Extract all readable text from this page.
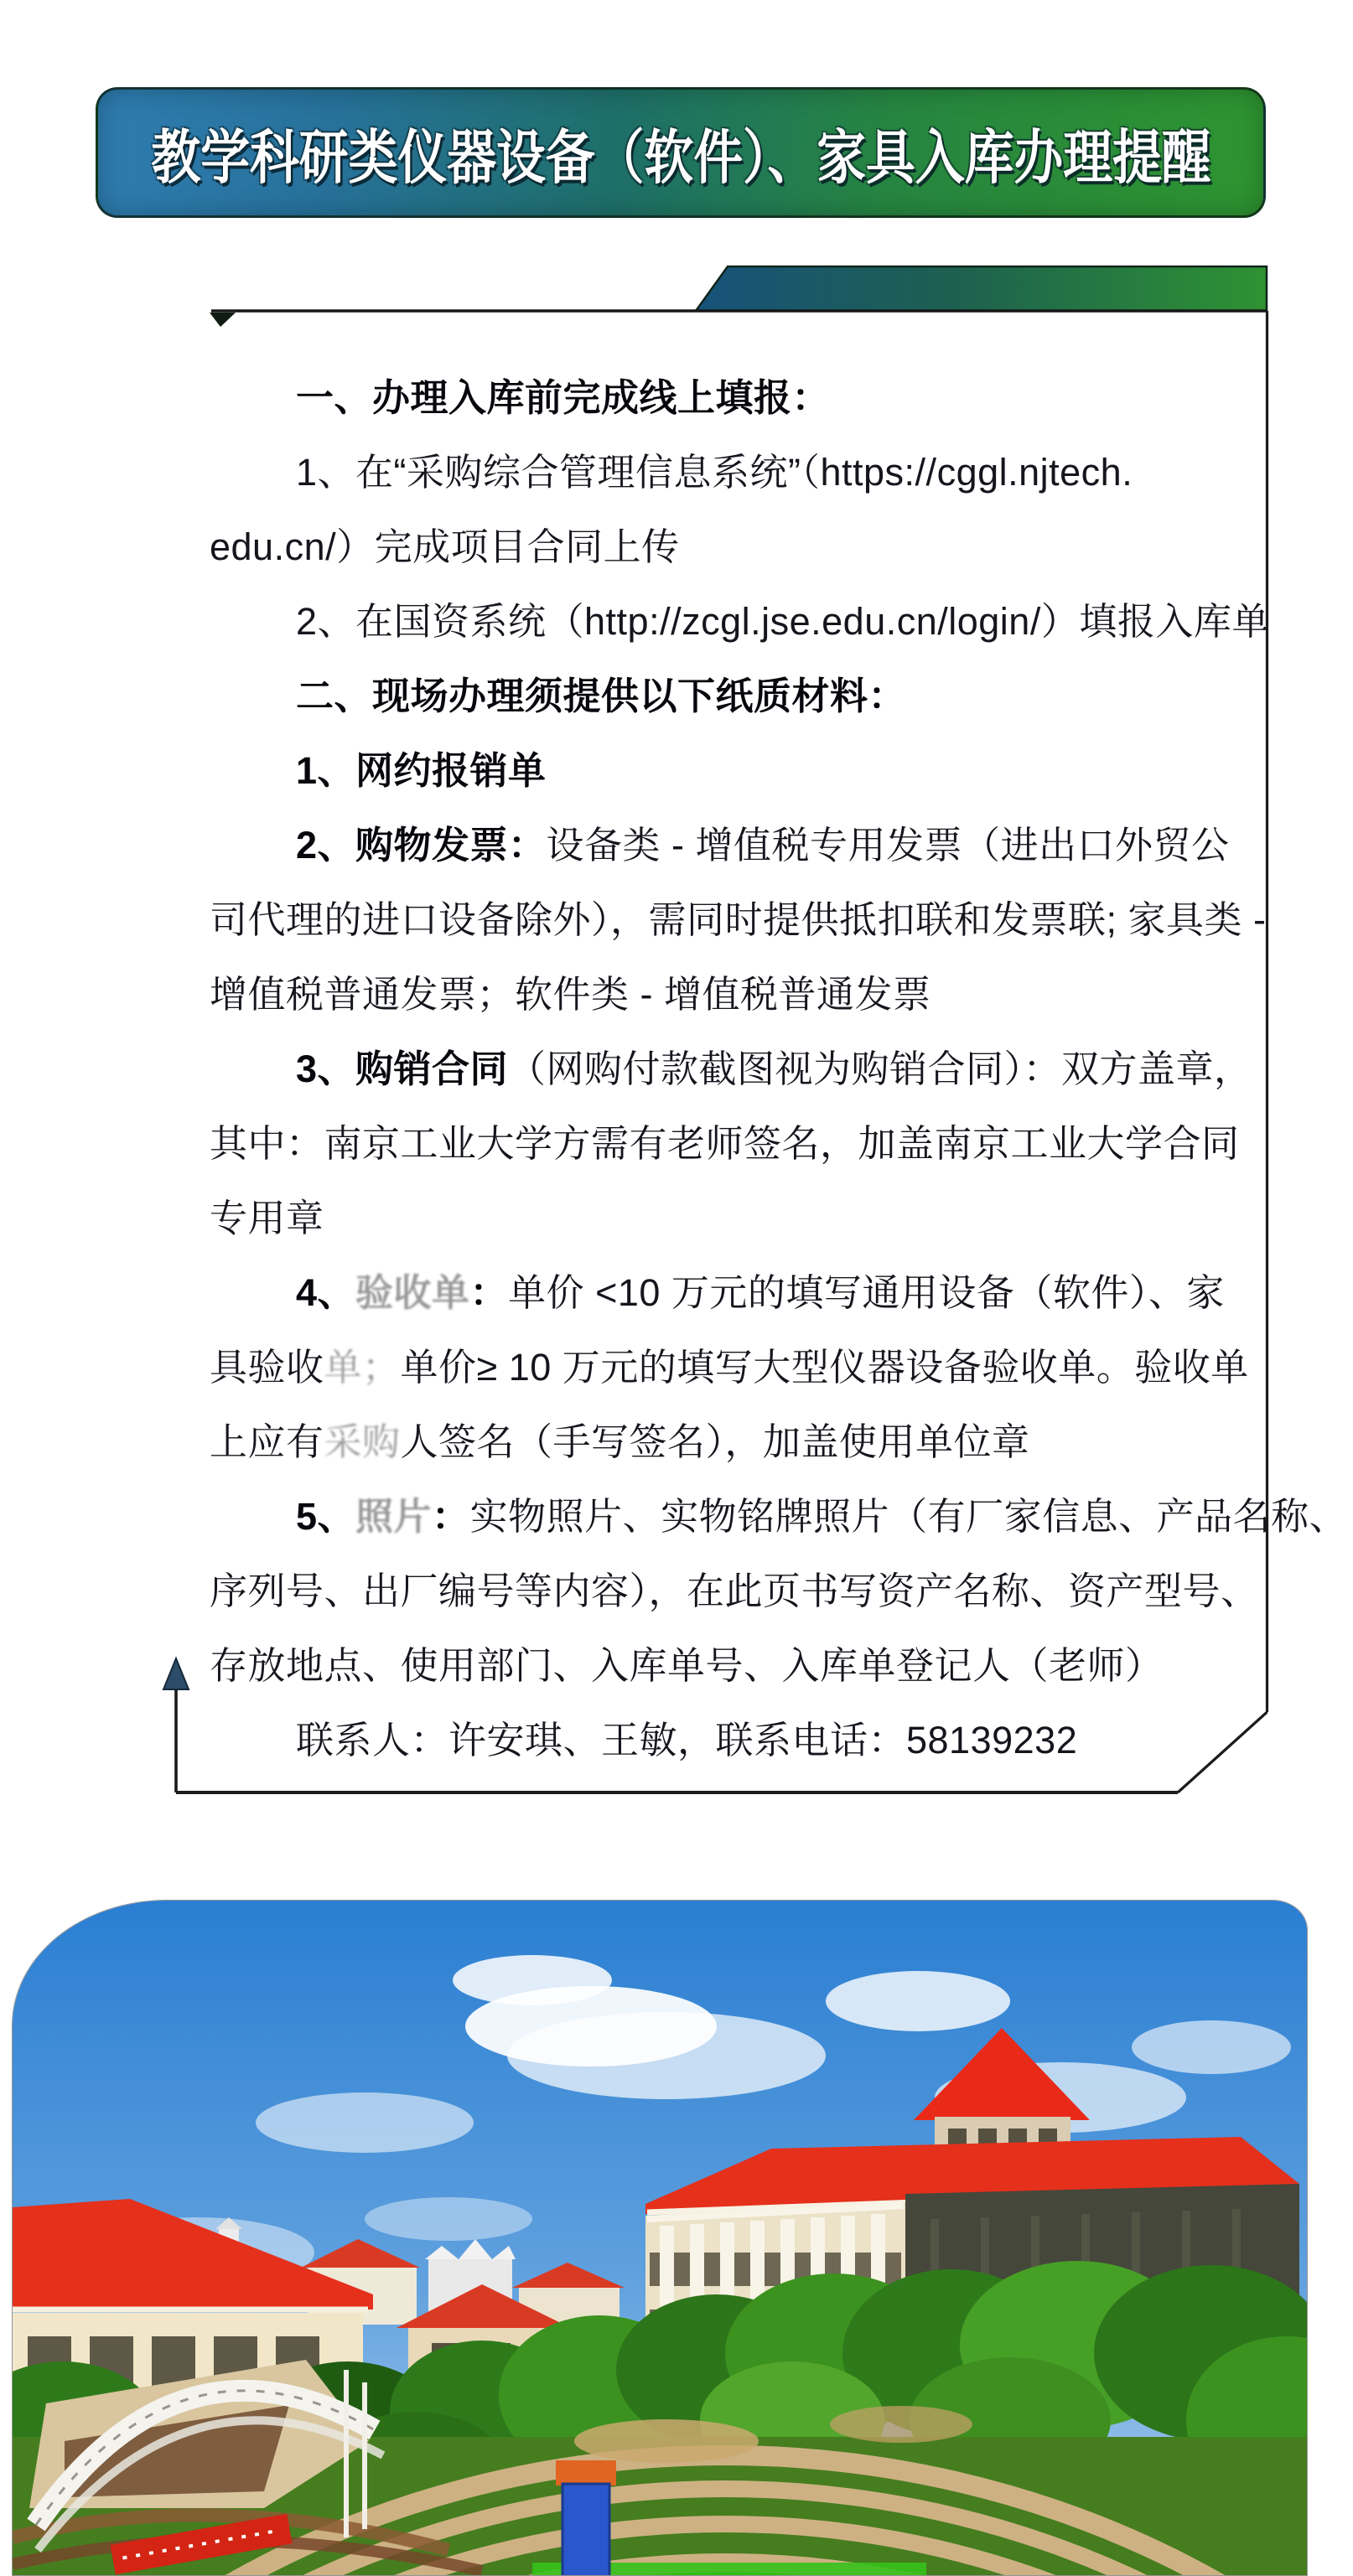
教学科研类仪器设备（软件）、家具入库办理提醒
一、办理入库前完成线上填报：
1、在“采购综合管理信息系统”（https://cggl.njtech.
edu.cn/）完成项目合同上传
2、在国资系统（http://zcgl.jse.edu.cn/login/）填报入库单
二、现场办理须提供以下纸质材料：
1、网约报销单
2、购物发票：设备类 - 增值税专用发票（进出口外贸公
司代理的进口设备除外），需同时提供抵扣联和发票联; 家具类 -
增值税普通发票；软件类 - 增值税普通发票
3、购销合同（网购付款截图视为购销合同）：双方盖章，
其中：南京工业大学方需有老师签名，加盖南京工业大学合同
专用章
4、验收单：单价 <10 万元的填写通用设备（软件）、家
具验收单；单价≥ 10 万元的填写大型仪器设备验收单。验收单
上应有采购人签名（手写签名），加盖使用单位章
5、照片：实物照片、实物铭牌照片（有厂家信息、产品名称、
序列号、出厂编号等内容），在此页书写资产名称、资产型号、
存放地点、使用部门、入库单号、入库单登记人（老师）
联系人：许安琪、王敏，联系电话：58139232
